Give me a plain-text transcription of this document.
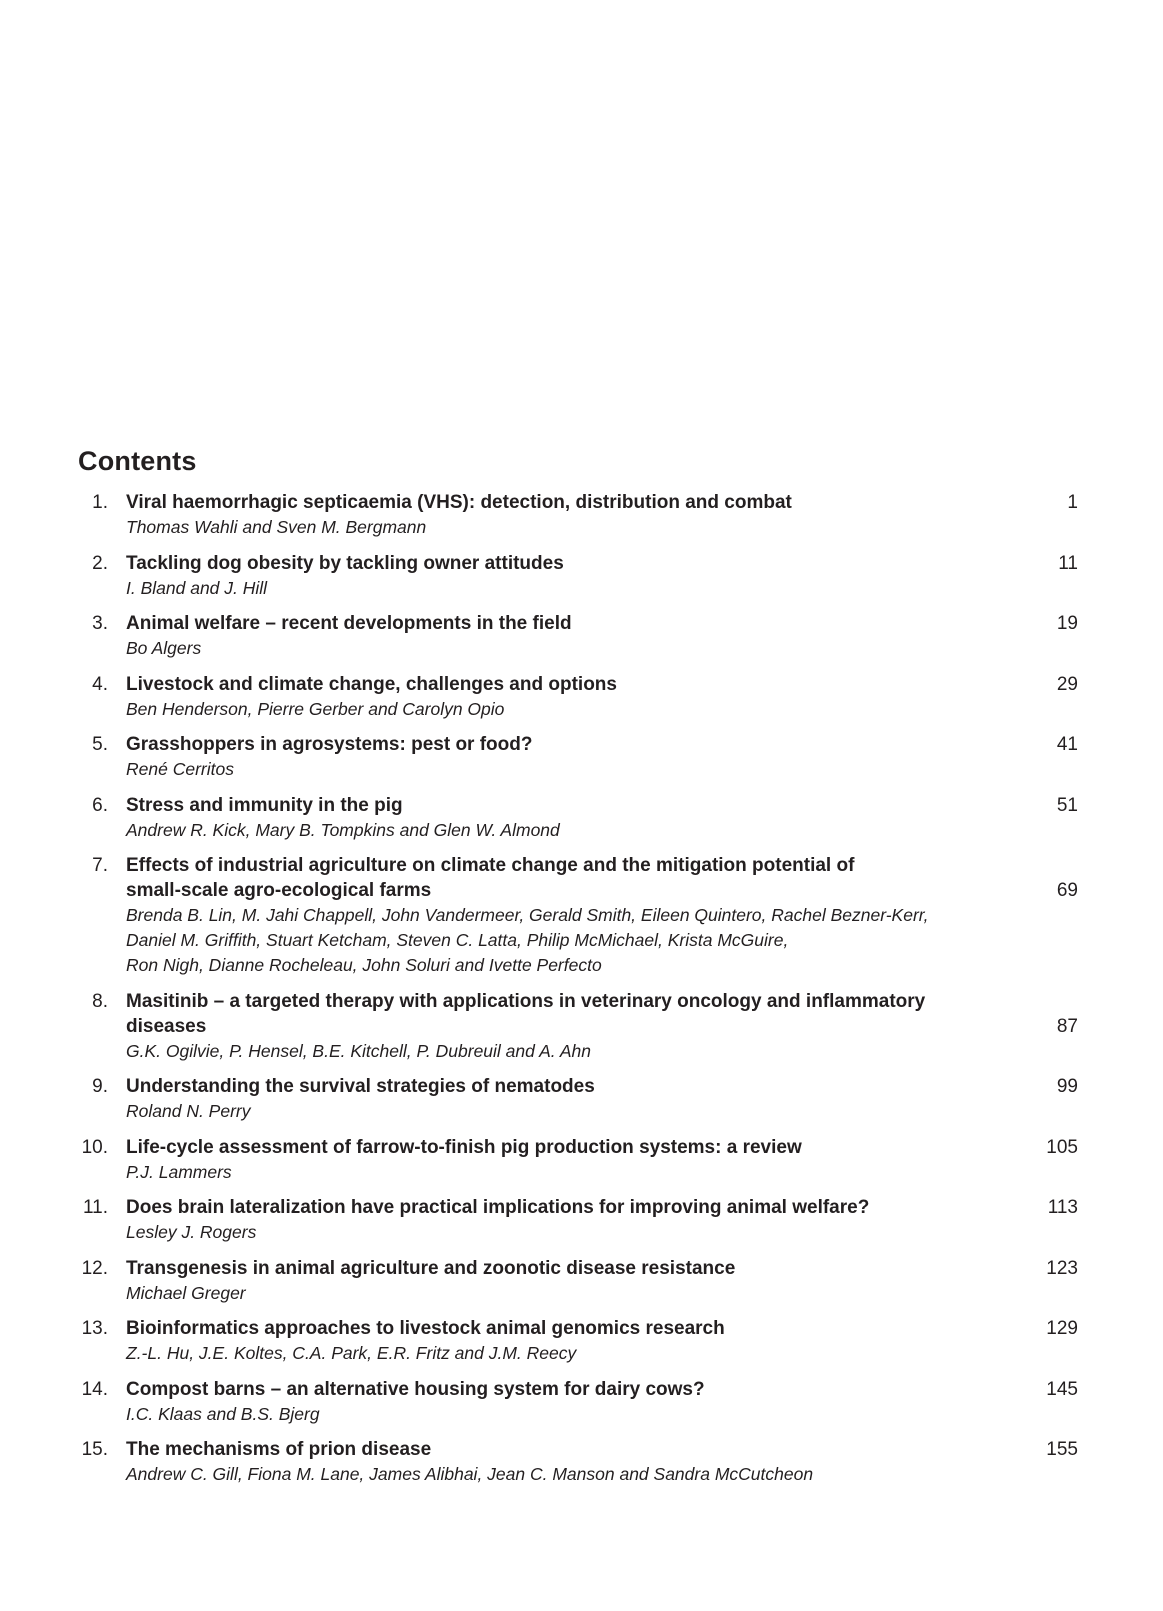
Contents
1. Viral haemorrhagic septicaemia (VHS): detection, distribution and combat
Thomas Wahli and Sven M. Bergmann
1
2. Tackling dog obesity by tackling owner attitudes
I. Bland and J. Hill
11
3. Animal welfare – recent developments in the field
Bo Algers
19
4. Livestock and climate change, challenges and options
Ben Henderson, Pierre Gerber and Carolyn Opio
29
5. Grasshoppers in agrosystems: pest or food?
René Cerritos
41
6. Stress and immunity in the pig
Andrew R. Kick, Mary B. Tompkins and Glen W. Almond
51
7. Effects of industrial agriculture on climate change and the mitigation potential of
small-scale agro-ecological farms
Brenda B. Lin, M. Jahi Chappell, John Vandermeer, Gerald Smith, Eileen Quintero, Rachel Bezner-Kerr,
Daniel M. Griffith, Stuart Ketcham, Steven C. Latta, Philip McMichael, Krista McGuire,
Ron Nigh, Dianne Rocheleau, John Soluri and Ivette Perfecto
69
8. Masitinib – a targeted therapy with applications in veterinary oncology and inflammatory
diseases
G.K. Ogilvie, P. Hensel, B.E. Kitchell, P. Dubreuil and A. Ahn
87
9. Understanding the survival strategies of nematodes
Roland N. Perry
99
10. Life-cycle assessment of farrow-to-finish pig production systems: a review
P.J. Lammers
105
11. Does brain lateralization have practical implications for improving animal welfare?
Lesley J. Rogers
113
12. Transgenesis in animal agriculture and zoonotic disease resistance
Michael Greger
123
13. Bioinformatics approaches to livestock animal genomics research
Z.-L. Hu, J.E. Koltes, C.A. Park, E.R. Fritz and J.M. Reecy
129
14. Compost barns – an alternative housing system for dairy cows?
I.C. Klaas and B.S. Bjerg
145
15. The mechanisms of prion disease
Andrew C. Gill, Fiona M. Lane, James Alibhai, Jean C. Manson and Sandra McCutcheon
155
